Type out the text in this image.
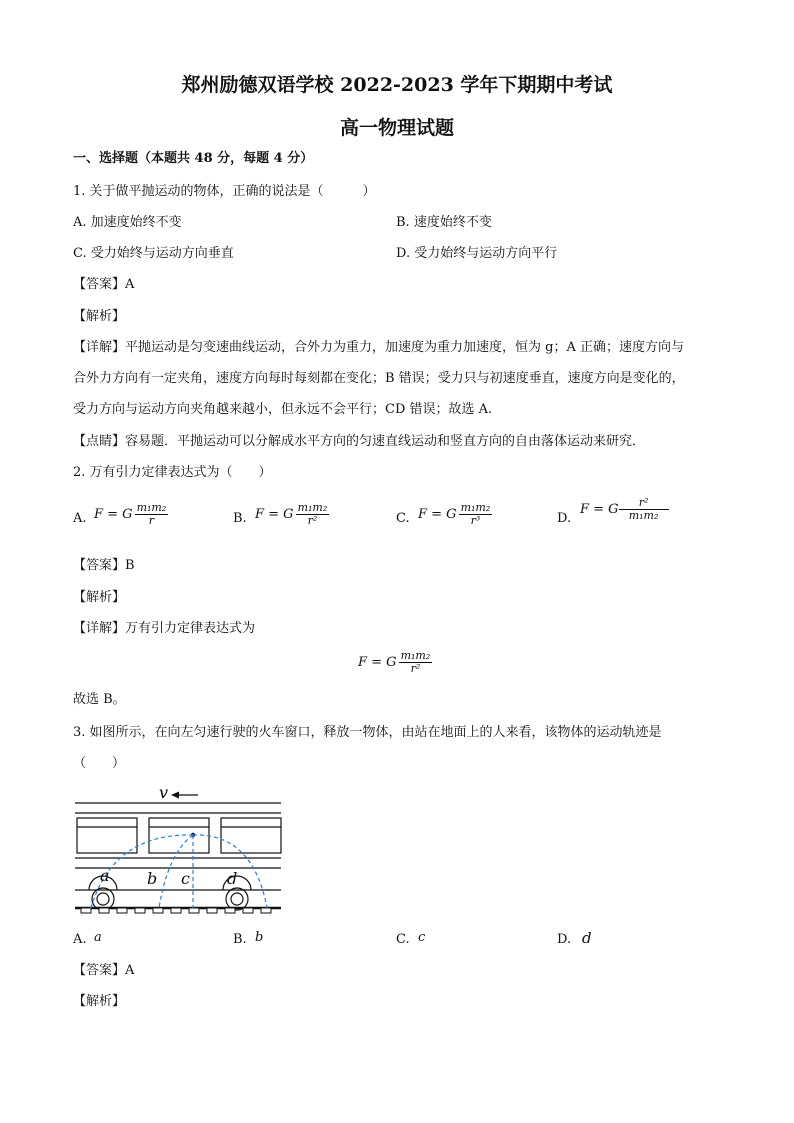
郑州励德双语学校 2022-2023 学年下期期中考试
高一物理试题
一、选择题（本题共 48 分，每题 4 分）
1. 关于做平抛运动的物体，正确的说法是（　　　）
A. 加速度始终不变	B. 速度始终不变
C. 受力始终与运动方向垂直	D. 受力始终与运动方向平行
【答案】A
【解析】
【详解】平抛运动是匀变速曲线运动，合外力为重力，加速度为重力加速度，恒为 g；A 正确；速度方向与
合外力方向有一定夹角，速度方向每时每刻都在变化；B 错误；受力只与初速度垂直，速度方向是变化的，
受力方向与运动方向夹角越来越小，但永远不会平行；CD 错误；故选 A.
【点睛】容易题．平抛运动可以分解成水平方向的匀速直线运动和竖直方向的自由落体运动来研究．
2. 万有引力定律表达式为（　　）
A. F = G $\frac{\text{m₁m₂}}{r}$	B. F = G $\frac{\text{m₁m₂}}{\text{r²}}$	C. F = G $\frac{\text{m₁m₂}}{\text{r³}}$	D.
F = G $\frac{\text{r²}}{\text{m₁m₂}}$
【答案】B
【解析】
【详解】万有引力定律表达式为
F = G $\frac{\text{m₁m₂}}{\text{r²}}$
故选 B。
3. 如图所示，在向左匀速行驶的火车窗口，释放一物体，由站在地面上的人来看，该物体的运动轨迹是
（　　）
v
a b c d
A. a	B. b	C. c	D. d
【答案】A
【解析】
